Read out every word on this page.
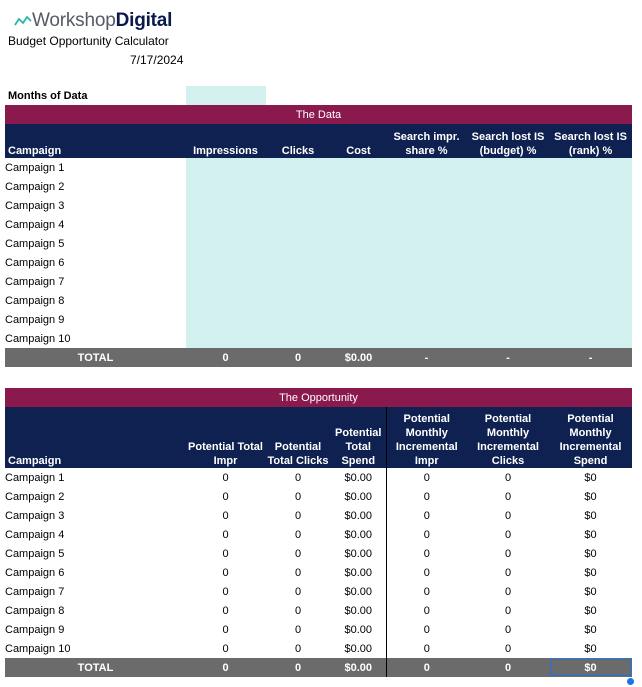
WorkshopDigital
Budget Opportunity Calculator
7/17/2024
Months of Data
The Data						
Campaign	Impressions	Clicks	Cost	Search impr. share %	Search lost IS (budget) %	Search lost IS (rank) %
Campaign 1						
Campaign 2						
Campaign 3						
Campaign 4						
Campaign 5						
Campaign 6						
Campaign 7						
Campaign 8						
Campaign 9						
Campaign 10						
TOTAL	0	0	$0.00	-	-	-
The Opportunity						
Campaign	Potential Total Impr	Potential Total Clicks	Potential Total Spend	Potential Monthly Incremental Impr	Potential Monthly Incremental Clicks	Potential Monthly Incremental Spend
Campaign 1	0	0	$0.00	0	0	$0
Campaign 2	0	0	$0.00	0	0	$0
Campaign 3	0	0	$0.00	0	0	$0
Campaign 4	0	0	$0.00	0	0	$0
Campaign 5	0	0	$0.00	0	0	$0
Campaign 6	0	0	$0.00	0	0	$0
Campaign 7	0	0	$0.00	0	0	$0
Campaign 8	0	0	$0.00	0	0	$0
Campaign 9	0	0	$0.00	0	0	$0
Campaign 10	0	0	$0.00	0	0	$0
TOTAL	0	0	$0.00	0	0	$0
